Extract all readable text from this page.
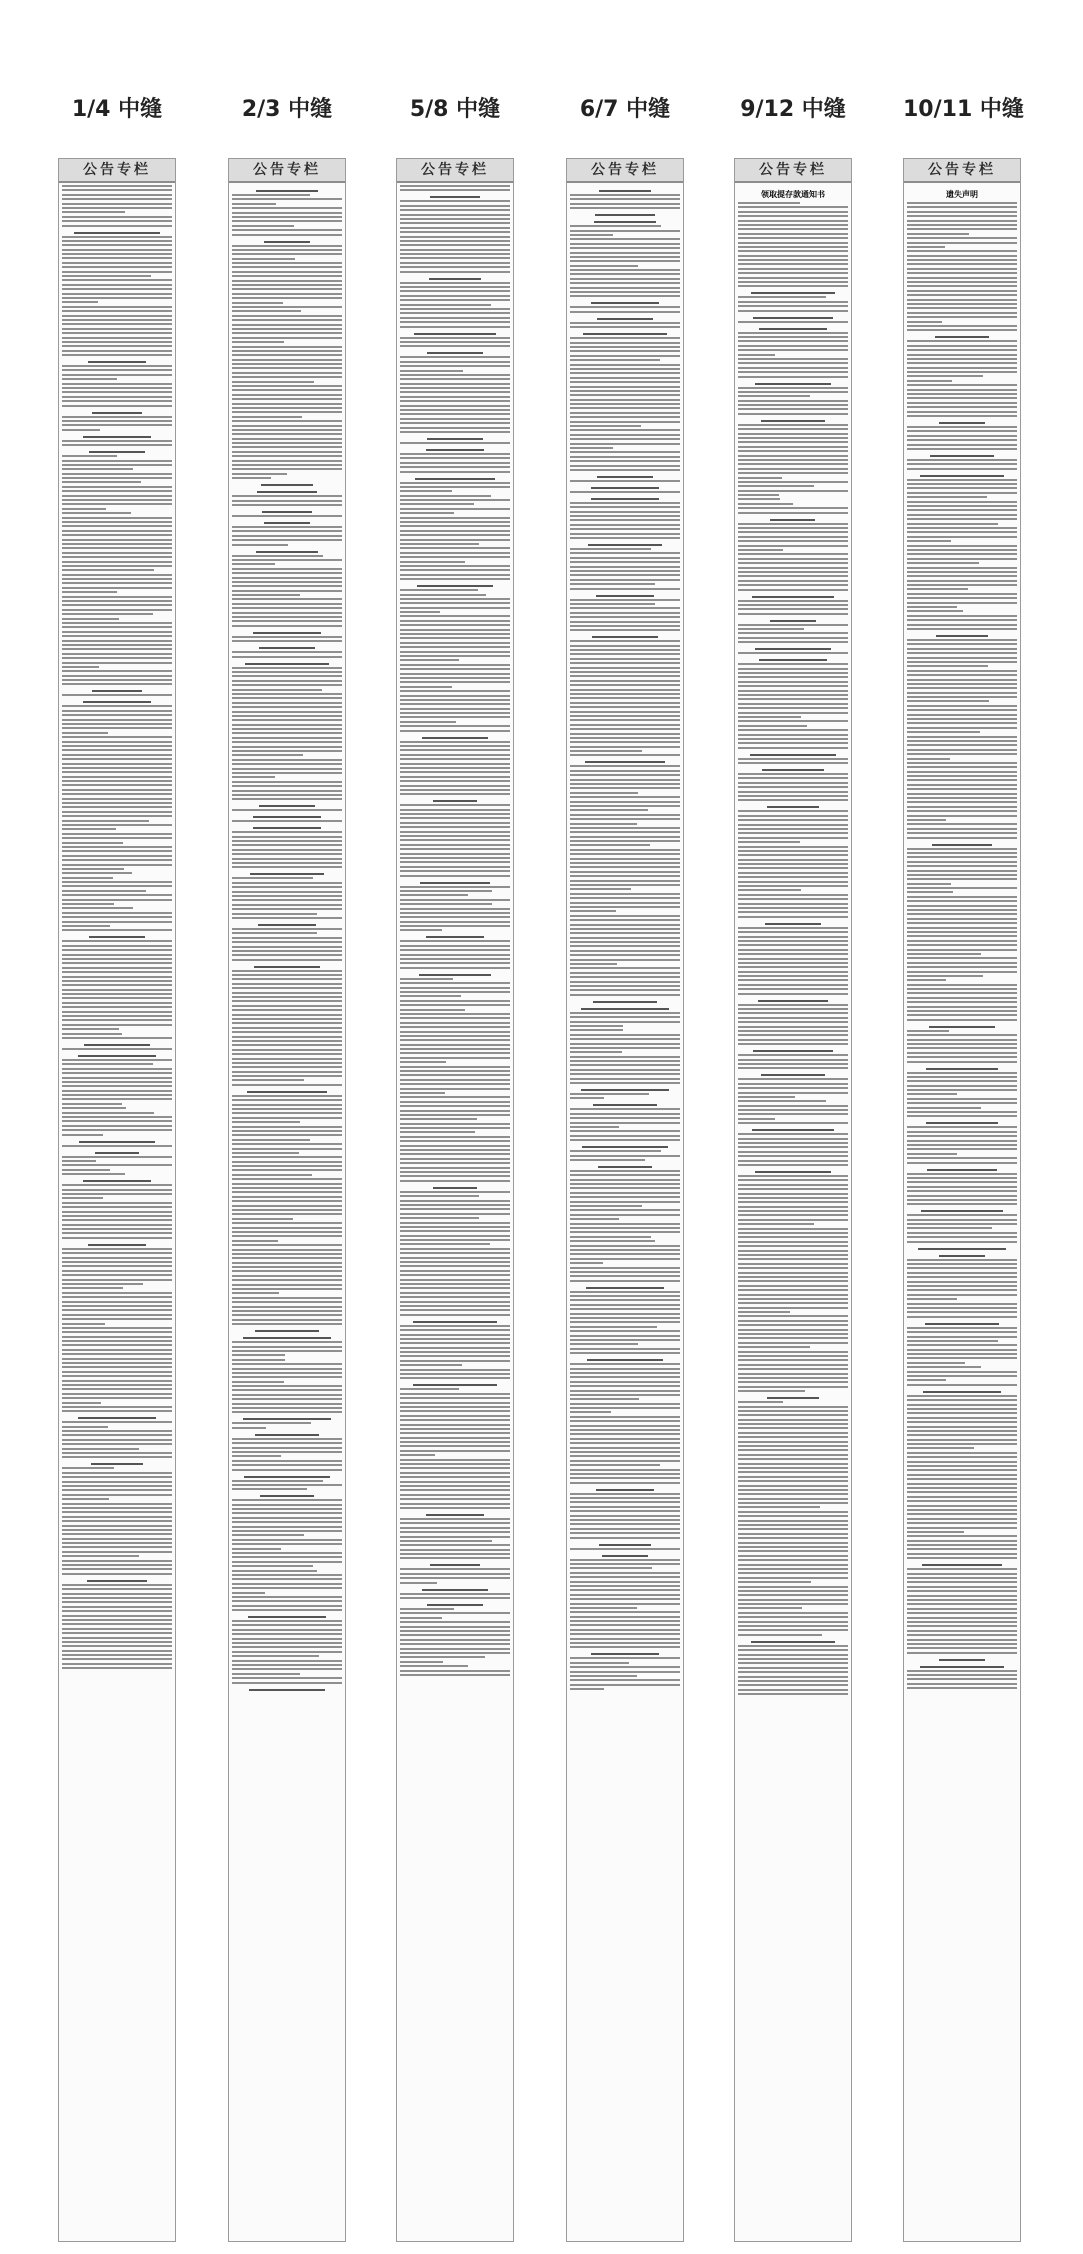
1/4 中缝
公告专栏
2/3 中缝
公告专栏
5/8 中缝
公告专栏
6/7 中缝
公告专栏
9/12 中缝
公告专栏
领取提存款通知书
10/11 中缝
公告专栏
遗失声明
